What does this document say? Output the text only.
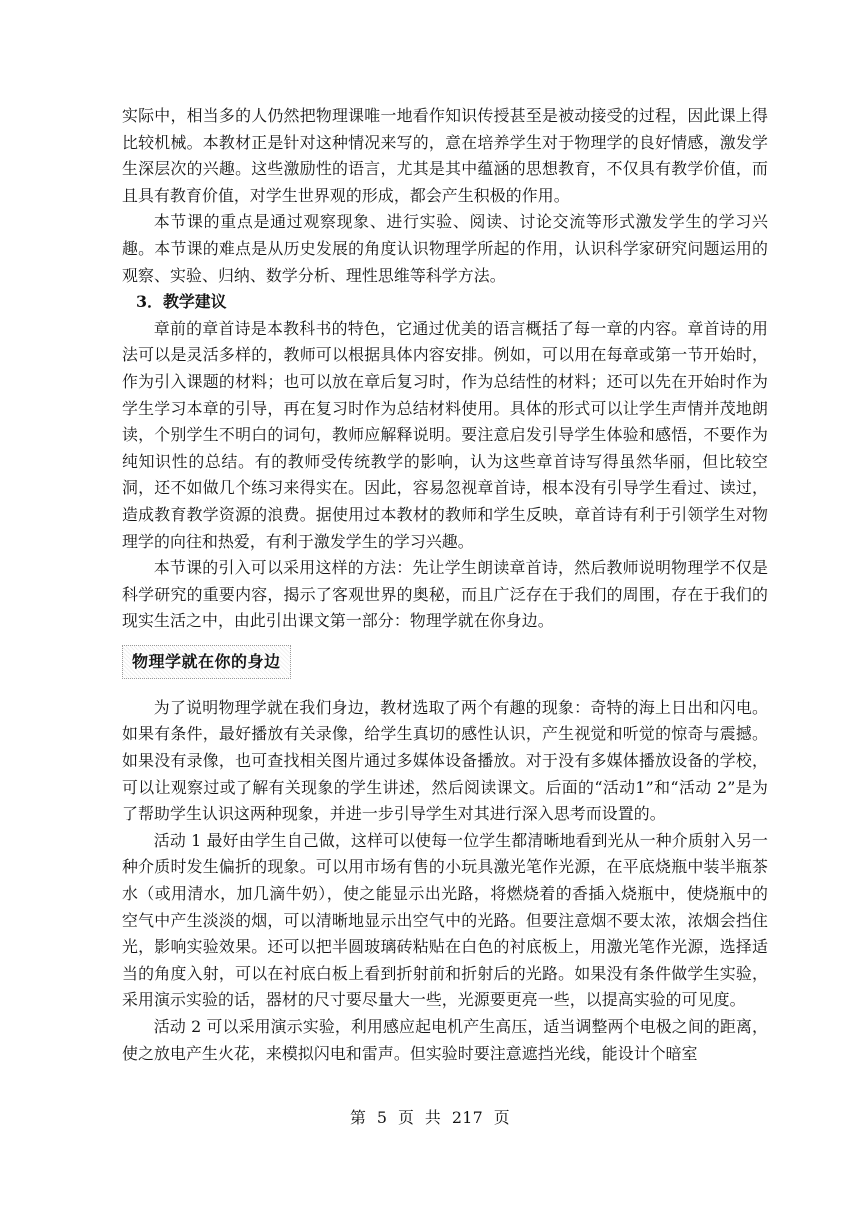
实际中，相当多的人仍然把物理课唯一地看作知识传授甚至是被动接受的过程，因此课上得比较机械。本教材正是针对这种情况来写的，意在培养学生对于物理学的良好情感，激发学生深层次的兴趣。这些激励性的语言，尤其是其中蕴涵的思想教育，不仅具有教学价值，而且具有教育价值，对学生世界观的形成，都会产生积极的作用。

本节课的重点是通过观察现象、进行实验、阅读、讨论交流等形式激发学生的学习兴趣。本节课的难点是从历史发展的角度认识物理学所起的作用，认识科学家研究问题运用的观察、实验、归纳、数学分析、理性思维等科学方法。

3．教学建议

章前的章首诗是本教科书的特色，它通过优美的语言概括了每一章的内容。章首诗的用法可以是灵活多样的，教师可以根据具体内容安排。例如，可以用在每章或第一节开始时，作为引入课题的材料；也可以放在章后复习时，作为总结性的材料；还可以先在开始时作为学生学习本章的引导，再在复习时作为总结材料使用。具体的形式可以让学生声情并茂地朗读，个别学生不明白的词句，教师应解释说明。要注意启发引导学生体验和感悟，不要作为纯知识性的总结。有的教师受传统教学的影响，认为这些章首诗写得虽然华丽，但比较空洞，还不如做几个练习来得实在。因此，容易忽视章首诗，根本没有引导学生看过、读过，造成教育教学资源的浪费。据使用过本教材的教师和学生反映，章首诗有利于引领学生对物理学的向往和热爱，有利于激发学生的学习兴趣。

本节课的引入可以采用这样的方法：先让学生朗读章首诗，然后教师说明物理学不仅是科学研究的重要内容，揭示了客观世界的奥秘，而且广泛存在于我们的周围，存在于我们的现实生活之中，由此引出课文第一部分：物理学就在你身边。

物理学就在你的身边

为了说明物理学就在我们身边，教材选取了两个有趣的现象：奇特的海上日出和闪电。如果有条件，最好播放有关录像，给学生真切的感性认识，产生视觉和听觉的惊奇与震撼。如果没有录像，也可查找相关图片通过多媒体设备播放。对于没有多媒体播放设备的学校，可以让观察过或了解有关现象的学生讲述，然后阅读课文。后面的“活动1”和“活动 2”是为了帮助学生认识这两种现象，并进一步引导学生对其进行深入思考而设置的。

活动 1 最好由学生自己做，这样可以使每一位学生都清晰地看到光从一种介质射入另一种介质时发生偏折的现象。可以用市场有售的小玩具激光笔作光源，在平底烧瓶中装半瓶茶水（或用清水，加几滴牛奶），使之能显示出光路，将燃烧着的香插入烧瓶中，使烧瓶中的空气中产生淡淡的烟，可以清晰地显示出空气中的光路。但要注意烟不要太浓，浓烟会挡住光，影响实验效果。还可以把半圆玻璃砖粘贴在白色的衬底板上，用激光笔作光源，选择适当的角度入射，可以在衬底白板上看到折射前和折射后的光路。如果没有条件做学生实验，采用演示实验的话，器材的尺寸要尽量大一些，光源要更亮一些，以提高实验的可见度。

活动 2 可以采用演示实验，利用感应起电机产生高压，适当调整两个电极之间的距离，使之放电产生火花，来模拟闪电和雷声。但实验时要注意遮挡光线，能设计个暗室

第  5  页  共  217  页
